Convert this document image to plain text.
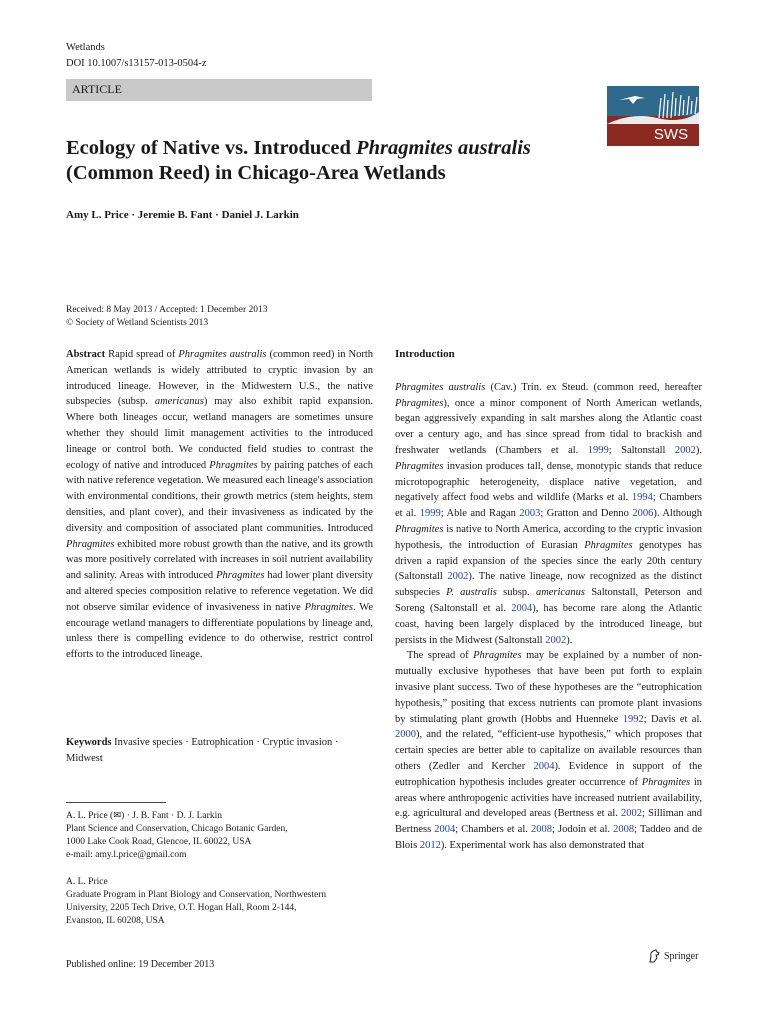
Wetlands
DOI 10.1007/s13157-013-0504-z
ARTICLE
SWS
Ecology of Native vs. Introduced Phragmites australis
(Common Reed) in Chicago-Area Wetlands
Amy L. Price · Jeremie B. Fant · Daniel J. Larkin
Received: 8 May 2013 / Accepted: 1 December 2013
© Society of Wetland Scientists 2013

Abstract Rapid spread of Phragmites australis (common reed) in North American wetlands is widely attributed to cryptic invasion by an introduced lineage. However, in the Midwestern U.S., the native subspecies (subsp. americanus) may also exhibit rapid expansion. Where both lineages occur, wetland managers are sometimes unsure whether they should limit management activities to the introduced lineage or control both. We conducted field studies to contrast the ecology of native and introduced Phragmites by pairing patches of each with native reference vegetation. We measured each lineage's association with environmental conditions, their growth metrics (stem heights, stem densities, and plant cover), and their invasiveness as indicated by the diversity and composition of associated plant communities. Introduced Phragmites exhibited more robust growth than the native, and its growth was more positively correlated with increases in soil nutrient availability and salinity. Areas with introduced Phragmites had lower plant diversity and altered species composition relative to reference vegetation. We did not observe similar evidence of invasiveness in native Phragmites. We encourage wetland managers to differentiate populations by lineage and, unless there is compelling evidence to do otherwise, restrict control efforts to the introduced lineage.

Keywords Invasive species · Eutrophication · Cryptic invasion · Midwest

A. L. Price (✉) · J. B. Fant · D. J. Larkin
Plant Science and Conservation, Chicago Botanic Garden,
1000 Lake Cook Road, Glencoe, IL 60022, USA
e-mail: amy.l.price@gmail.com
A. L. Price
Graduate Program in Plant Biology and Conservation, Northwestern
University, 2205 Tech Drive, O.T. Hogan Hall, Room 2-144,
Evanston, IL 60208, USA
Published online: 19 December 2013
Springer
Introduction

Phragmites australis (Cav.) Trin. ex Steud. (common reed, hereafter Phragmites), once a minor component of North American wetlands, began aggressively expanding in salt marshes along the Atlantic coast over a century ago, and has since spread from tidal to brackish and freshwater wetlands (Chambers et al. 1999; Saltonstall 2002). Phragmites invasion produces tall, dense, monotypic stands that reduce microtopographic heterogeneity, displace native vegetation, and negatively affect food webs and wildlife (Marks et al. 1994; Chambers et al. 1999; Able and Ragan 2003; Gratton and Denno 2006). Although Phragmites is native to North America, according to the cryptic invasion hypothesis, the introduction of Eurasian Phragmites genotypes has driven a rapid expansion of the species since the early 20th century (Saltonstall 2002). The native lineage, now recognized as the distinct subspecies P. australis subsp. americanus Saltonstall, Peterson and Soreng (Saltonstall et al. 2004), has become rare along the Atlantic coast, having been largely displaced by the introduced lineage, but persists in the Midwest (Saltonstall 2002).

The spread of Phragmites may be explained by a number of non-mutually exclusive hypotheses that have been put forth to explain invasive plant success. Two of these hypotheses are the “eutrophication hypothesis,” positing that excess nutrients can promote plant invasions by stimulating plant growth (Hobbs and Huenneke 1992; Davis et al. 2000), and the related, “efficient-use hypothesis,” which proposes that certain species are better able to capitalize on available resources than others (Zedler and Kercher 2004). Evidence in support of the eutrophication hypothesis includes greater occurrence of Phragmites in areas where anthropogenic activities have increased nutrient availability, e.g. agricultural and developed areas (Bertness et al. 2002; Silliman and Bertness 2004; Chambers et al. 2008; Jodoin et al. 2008; Taddeo and de Blois 2012). Experimental work has also demonstrated that
